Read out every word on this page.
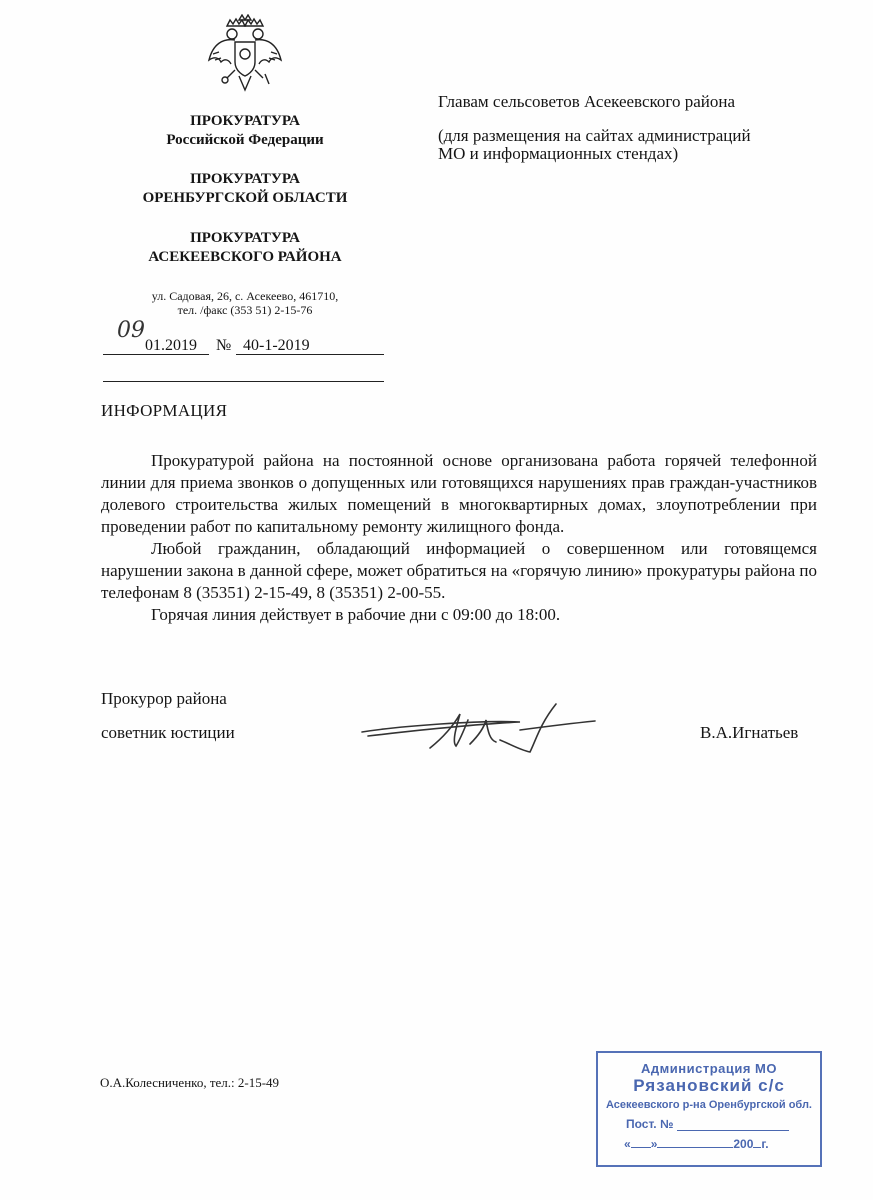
ПРОКУРАТУРА
Российской Федерации
ПРОКУРАТУРА
ОРЕНБУРГСКОЙ ОБЛАСТИ
ПРОКУРАТУРА
АСЕКЕЕВСКОГО РАЙОНА
ул. Садовая, 26, с. Асекеево, 461710,
тел. /факс (353 51) 2-15-76
09
01.2019 № 40-1-2019
Главам сельсоветов Асекеевского района
(для размещения на сайтах администраций
МО и информационных стендах)
ИНФОРМАЦИЯ

Прокуратурой района на постоянной основе организована работа горячей телефонной линии для приема звонков о допущенных или готовящихся нарушениях прав граждан-участников долевого строительства жилых помещений в многоквартирных домах, злоупотреблении при проведении работ по капитальному ремонту жилищного фонда.

Любой гражданин, обладающий информацией о совершенном или готовящемся нарушении закона в данной сфере, может обратиться на «горячую линию» прокуратуры района по телефонам 8 (35351) 2-15-49, 8 (35351) 2-00-55.

Горячая линия действует в рабочие дни с 09:00 до 18:00.

Прокурор района
советник юстиции	В.А.Игнатьев
О.А.Колесниченко, тел.: 2-15-49
Администрация МО
Рязановский с/с
Асекеевского р-на Оренбургской обл.
Пост. №
« »	200 г.
